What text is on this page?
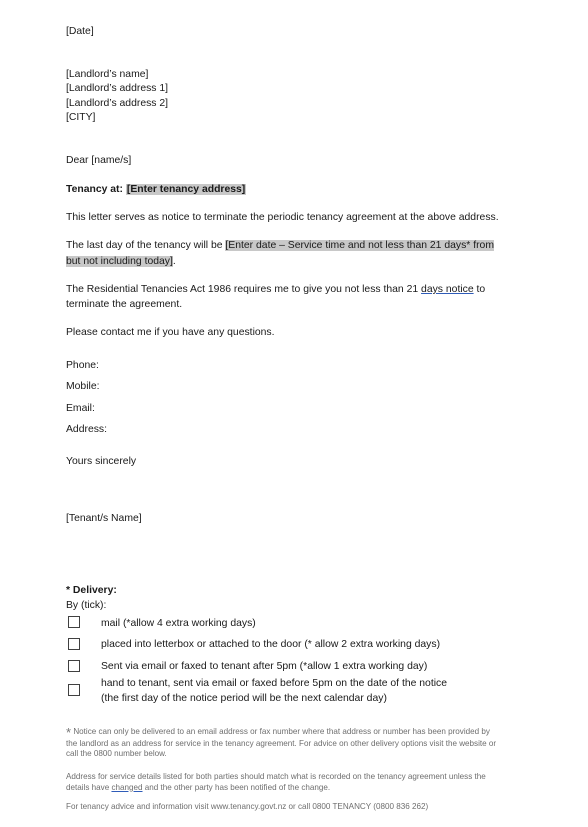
[Date]
[Landlord’s name]
[Landlord’s address 1]
[Landlord’s address 2]
[CITY]
Dear [name/s]
Tenancy at: [Enter tenancy address]
This letter serves as notice to terminate the periodic tenancy agreement at the above address.
The last day of the tenancy will be [Enter date – Service time and not less than 21 days* from
but not including today].
The Residential Tenancies Act 1986 requires me to give you not less than 21 days notice to
terminate the agreement.
Please contact me if you have any questions.
Phone:
Mobile:
Email:
Address:
Yours sincerely
[Tenant/s Name]
* Delivery:
By (tick):
mail (*allow 4 extra working days)
placed into letterbox or attached to the door (* allow 2 extra working days)
Sent via email or faxed to tenant after 5pm (*allow 1 extra working day)
hand to tenant, sent via email or faxed before 5pm on the date of the notice
(the first day of the notice period will be the next calendar day)
* Notice can only be delivered to an email address or fax number where that address or number has been provided by
the landlord as an address for service in the tenancy agreement. For advice on other delivery options visit the website or
call the 0800 number below.
Address for service details listed for both parties should match what is recorded on the tenancy agreement unless the
details have changed and the other party has been notified of the change.
For tenancy advice and information visit www.tenancy.govt.nz or call 0800 TENANCY (0800 836 262)
